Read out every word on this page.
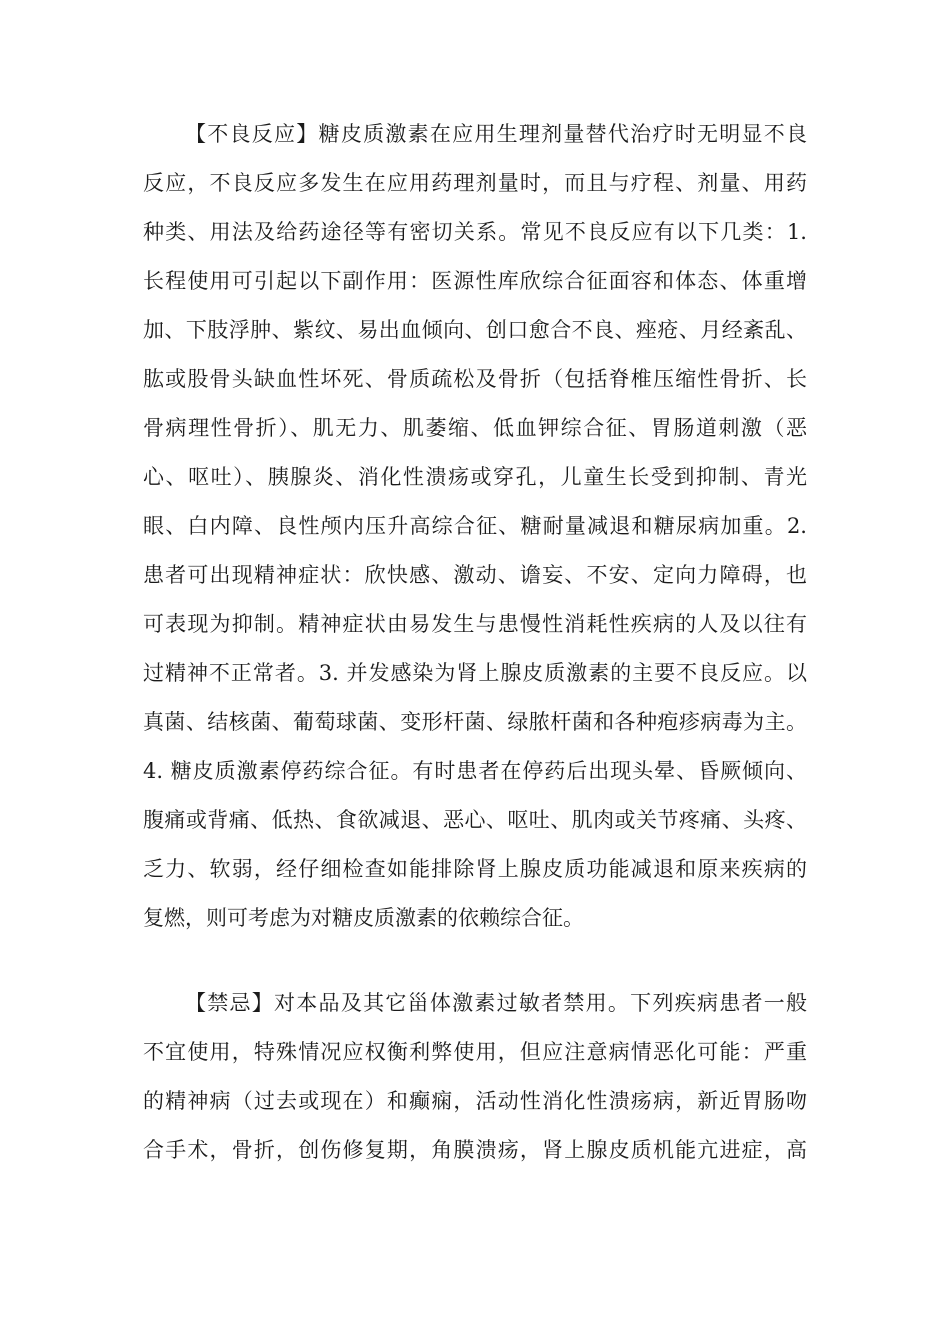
【不良反应】糖皮质激素在应用生理剂量替代治疗时无明显不良
反应，不良反应多发生在应用药理剂量时，而且与疗程、剂量、用药
种类、用法及给药途径等有密切关系。常见不良反应有以下几类：1.
长程使用可引起以下副作用：医源性库欣综合征面容和体态、体重增
加、下肢浮肿、紫纹、易出血倾向、创口愈合不良、痤疮、月经紊乱、
肱或股骨头缺血性坏死、骨质疏松及骨折（包括脊椎压缩性骨折、长
骨病理性骨折）、肌无力、肌萎缩、低血钾综合征、胃肠道刺激（恶
心、呕吐）、胰腺炎、消化性溃疡或穿孔，儿童生长受到抑制、青光
眼、白内障、良性颅内压升高综合征、糖耐量减退和糖尿病加重。2.
患者可出现精神症状：欣快感、激动、谵妄、不安、定向力障碍，也
可表现为抑制。精神症状由易发生与患慢性消耗性疾病的人及以往有
过精神不正常者。3. 并发感染为肾上腺皮质激素的主要不良反应。以
真菌、结核菌、葡萄球菌、变形杆菌、绿脓杆菌和各种疱疹病毒为主。
4. 糖皮质激素停药综合征。有时患者在停药后出现头晕、昏厥倾向、
腹痛或背痛、低热、食欲减退、恶心、呕吐、肌肉或关节疼痛、头疼、
乏力、软弱，经仔细检查如能排除肾上腺皮质功能减退和原来疾病的
复燃，则可考虑为对糖皮质激素的依赖综合征。
【禁忌】对本品及其它甾体激素过敏者禁用。下列疾病患者一般
不宜使用，特殊情况应权衡利弊使用，但应注意病情恶化可能：严重
的精神病（过去或现在）和癫痫，活动性消化性溃疡病，新近胃肠吻
合手术，骨折，创伤修复期，角膜溃疡，肾上腺皮质机能亢进症，高
